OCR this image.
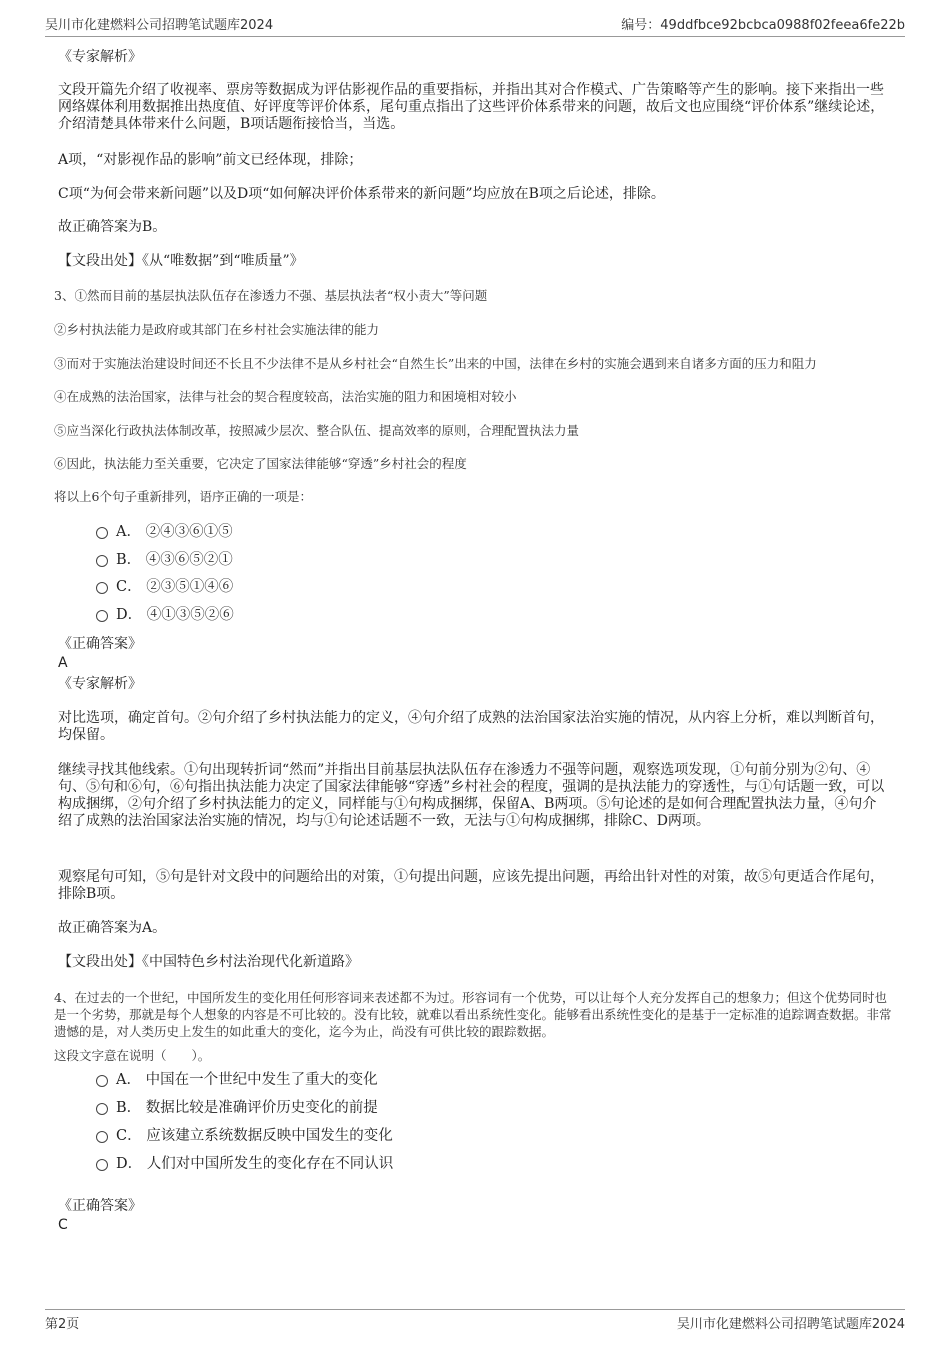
吴川市化建燃料公司招聘笔试题库2024	编号：49ddfbce92bcbca0988f02feea6fe22b
《专家解析》
文段开篇先介绍了收视率、票房等数据成为评估影视作品的重要指标，并指出其对合作模式、广告策略等产生的影响。接下来指出一些网络媒体利用数据推出热度值、好评度等评价体系，尾句重点指出了这些评价体系带来的问题，故后文也应围绕“评价体系”继续论述，介绍清楚具体带来什么问题，B项话题衔接恰当，当选。
A项，“对影视作品的影响”前文已经体现，排除；
C项“为何会带来新问题”以及D项“如何解决评价体系带来的新问题”均应放在B项之后论述，排除。
故正确答案为B。
【文段出处】《从“唯数据”到“唯质量”》
3、①然而目前的基层执法队伍存在渗透力不强、基层执法者“权小责大”等问题
②乡村执法能力是政府或其部门在乡村社会实施法律的能力
③而对于实施法治建设时间还不长且不少法律不是从乡村社会“自然生长”出来的中国，法律在乡村的实施会遇到来自诸多方面的压力和阻力
④在成熟的法治国家，法律与社会的契合程度较高，法治实施的阻力和困境相对较小
⑤应当深化行政执法体制改革，按照减少层次、整合队伍、提高效率的原则，合理配置执法力量
⑥因此，执法能力至关重要，它决定了国家法律能够“穿透”乡村社会的程度
将以上6个句子重新排列，语序正确的一项是：
A． ②④③⑥①⑤
B． ④③⑥⑤②①
C． ②③⑤①④⑥
D． ④①③⑤②⑥
《正确答案》
A
《专家解析》
对比选项，确定首句。②句介绍了乡村执法能力的定义，④句介绍了成熟的法治国家法治实施的情况，从内容上分析，难以判断首句，均保留。
继续寻找其他线索。①句出现转折词“然而”并指出目前基层执法队伍存在渗透力不强等问题，观察选项发现，①句前分别为②句、④句、⑤句和⑥句，⑥句指出执法能力决定了国家法律能够“穿透”乡村社会的程度，强调的是执法能力的穿透性，与①句话题一致，可以构成捆绑，②句介绍了乡村执法能力的定义，同样能与①句构成捆绑，保留A、B两项。⑤句论述的是如何合理配置执法力量，④句介绍了成熟的法治国家法治实施的情况，均与①句论述话题不一致，无法与①句构成捆绑，排除C、D两项。
观察尾句可知，⑤句是针对文段中的问题给出的对策，①句提出问题，应该先提出问题，再给出针对性的对策，故⑤句更适合作尾句，排除B项。
故正确答案为A。
【文段出处】《中国特色乡村法治现代化新道路》
4、在过去的一个世纪，中国所发生的变化用任何形容词来表述都不为过。形容词有一个优势，可以让每个人充分发挥自己的想象力；但这个优势同时也是一个劣势，那就是每个人想象的内容是不可比较的。没有比较，就难以看出系统性变化。能够看出系统性变化的是基于一定标准的追踪调查数据。非常遗憾的是，对人类历史上发生的如此重大的变化，迄今为止，尚没有可供比较的跟踪数据。
这段文字意在说明（　　）。
A． 中国在一个世纪中发生了重大的变化
B． 数据比较是准确评价历史变化的前提
C． 应该建立系统数据反映中国发生的变化
D． 人们对中国所发生的变化存在不同认识
《正确答案》
C
第2页	吴川市化建燃料公司招聘笔试题库2024
